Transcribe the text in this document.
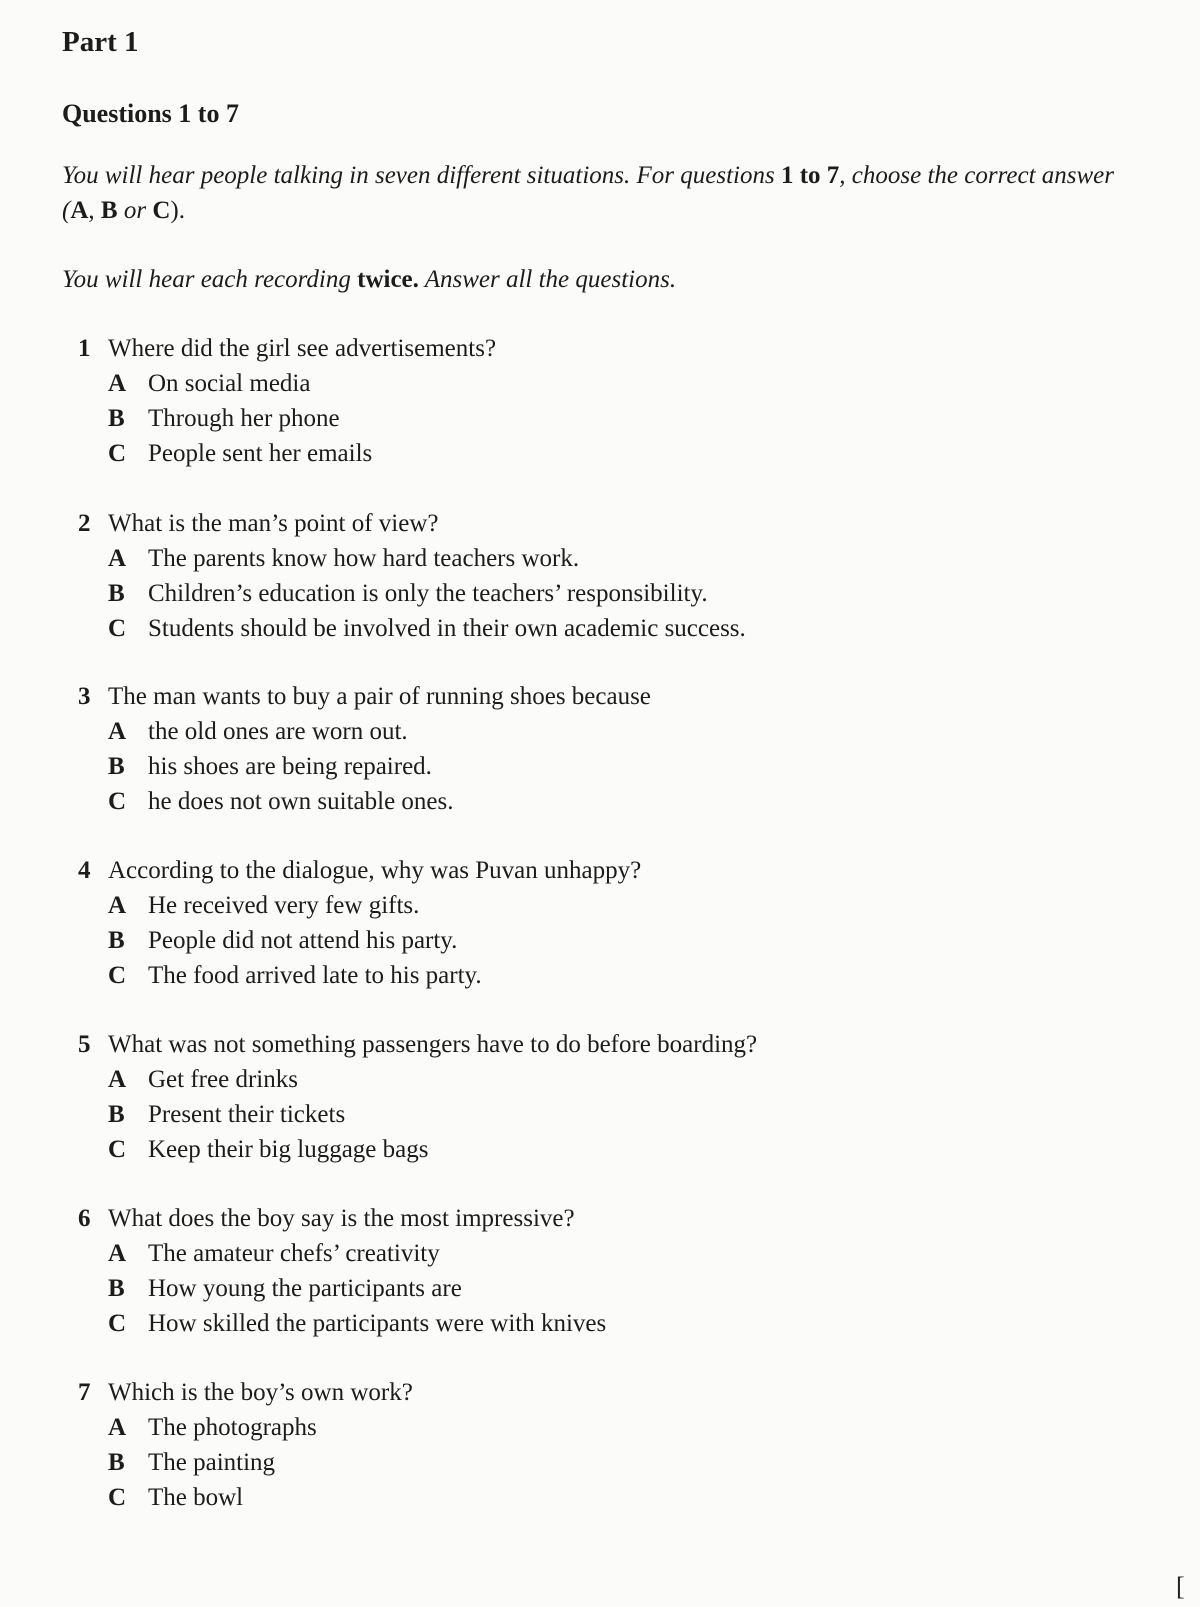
Part 1
Questions 1 to 7

You will hear people talking in seven different situations. For questions 1 to 7, choose the correct answer (A, B or C).

You will hear each recording twice. Answer all the questions.

1 Where did the girl see advertisements?
A On social media
B Through her phone
C People sent her emails
2 What is the man’s point of view?
A The parents know how hard teachers work.
B Children’s education is only the teachers’ responsibility.
C Students should be involved in their own academic success.
3 The man wants to buy a pair of running shoes because
A the old ones are worn out.
B his shoes are being repaired.
C he does not own suitable ones.
4 According to the dialogue, why was Puvan unhappy?
A He received very few gifts.
B People did not attend his party.
C The food arrived late to his party.
5 What was not something passengers have to do before boarding?
A Get free drinks
B Present their tickets
C Keep their big luggage bags
6 What does the boy say is the most impressive?
A The amateur chefs’ creativity
B How young the participants are
C How skilled the participants were with knives
7 Which is the boy’s own work?
A The photographs
B The painting
C The bowl
[
